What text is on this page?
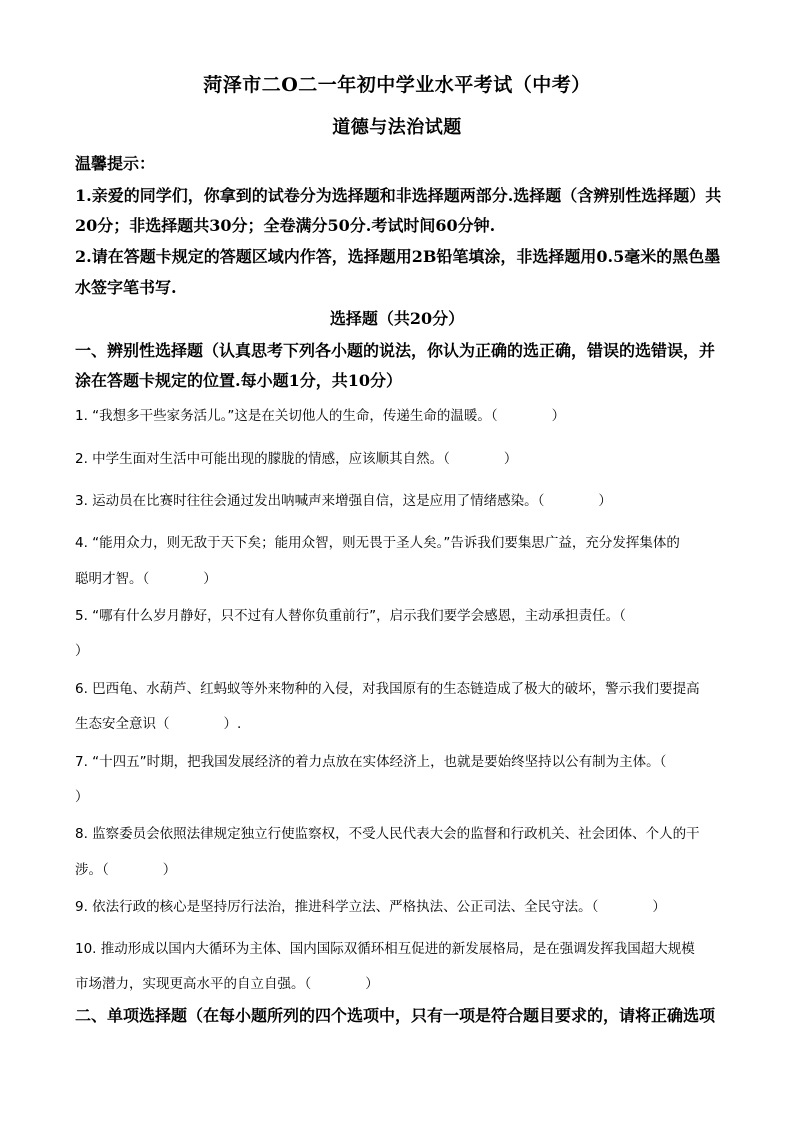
菏泽市二O二一年初中学业水平考试（中考）
道德与法治试题
温馨提示：
1.亲爱的同学们，你拿到的试卷分为选择题和非选择题两部分.选择题（含辨别性选择题）共
20分；非选择题共30分；全卷满分50分.考试时间60分钟.
2.请在答题卡规定的答题区域内作答，选择题用2B铅笔填涂，非选择题用0.5毫米的黑色墨
水签字笔书写.
选择题（共20分）
一、辨别性选择题（认真思考下列各小题的说法，你认为正确的选正确，错误的选错误，并
涂在答题卡规定的位置.每小题1分，共10分）
1. “我想多干些家务活儿。”这是在关切他人的生命，传递生命的温暖。（　　　　）
2. 中学生面对生活中可能出现的朦胧的情感，应该顺其自然。（　　　　）
3. 运动员在比赛时往往会通过发出呐喊声来增强自信，这是应用了情绪感染。（　　　　）
4. “能用众力，则无敌于天下矣；能用众智，则无畏于圣人矣。”告诉我们要集思广益，充分发挥集体的
聪明才智。（　　　　）
5. “哪有什么岁月静好，只不过有人替你负重前行”，启示我们要学会感恩，主动承担责任。（
）
6. 巴西龟、水葫芦、红蚂蚁等外来物种的入侵，对我国原有的生态链造成了极大的破坏，警示我们要提高
生态安全意识（　　　　）.
7. “十四五”时期，把我国发展经济的着力点放在实体经济上，也就是要始终坚持以公有制为主体。（
）
8. 监察委员会依照法律规定独立行使监察权，不受人民代表大会的监督和行政机关、社会团体、个人的干
涉。（　　　　）
9. 依法行政的核心是坚持厉行法治，推进科学立法、严格执法、公正司法、全民守法。（　　　　）
10. 推动形成以国内大循环为主体、国内国际双循环相互促进的新发展格局，是在强调发挥我国超大规模
市场潜力，实现更高水平的自立自强。（　　　　）
二、单项选择题（在每小题所列的四个选项中，只有一项是符合题目要求的，请将正确选项
